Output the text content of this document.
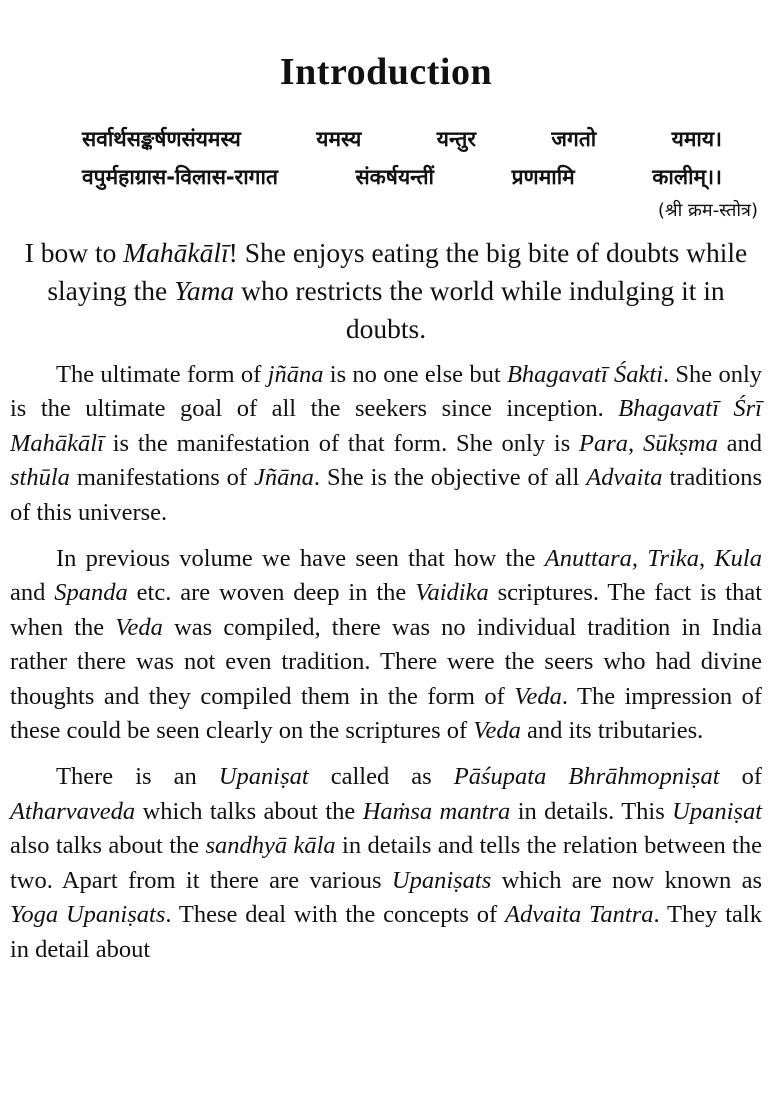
Introduction
सर्वार्थसङ्कर्षणसंयमस्य यमस्य यन्तुर जगतो यमाय।
वपुर्महाग्रास-विलास-रागात संकर्षयन्तीं प्रणमामि कालीम्।।
(श्री क्रम-स्तोत्र)
I bow to Mahākālī! She enjoys eating the big bite of doubts while slaying the Yama who restricts the world while indulging it in doubts.

The ultimate form of jñāna is no one else but Bhagavatī Śakti. She only is the ultimate goal of all the seekers since inception. Bhagavatī Śrī Mahākālī is the manifestation of that form. She only is Para, Sūkṣma and sthūla manifestations of Jñāna. She is the objective of all Advaita traditions of this universe.

In previous volume we have seen that how the Anuttara, Trika, Kula and Spanda etc. are woven deep in the Vaidika scriptures. The fact is that when the Veda was compiled, there was no individual tradition in India rather there was not even tradition. There were the seers who had divine thoughts and they compiled them in the form of Veda. The impression of these could be seen clearly on the scriptures of Veda and its tributaries.

There is an Upaniṣat called as Pāśupata Bhrāhmopniṣat of Atharvaveda which talks about the Haṁsa mantra in details. This Upaniṣat also talks about the sandhyā kāla in details and tells the relation between the two. Apart from it there are various Upaniṣats which are now known as Yoga Upaniṣats. These deal with the concepts of Advaita Tantra. They talk in detail about
